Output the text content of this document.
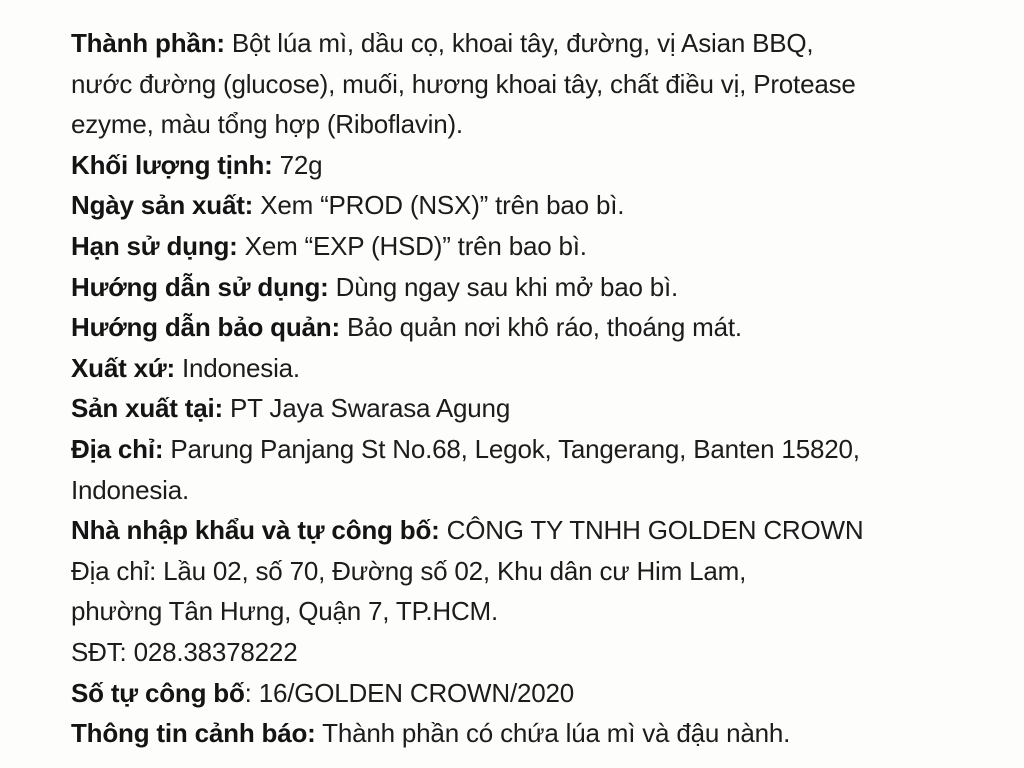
Thành phần: Bột lúa mì, dầu cọ, khoai tây, đường, vị Asian BBQ,
nước đường (glucose), muối, hương khoai tây, chất điều vị, Protease
ezyme, màu tổng hợp (Riboflavin).
Khối lượng tịnh: 72g
Ngày sản xuất: Xem “PROD (NSX)” trên bao bì.
Hạn sử dụng: Xem “EXP (HSD)” trên bao bì.
Hướng dẫn sử dụng: Dùng ngay sau khi mở bao bì.
Hướng dẫn bảo quản: Bảo quản nơi khô ráo, thoáng mát.
Xuất xứ: Indonesia.
Sản xuất tại: PT Jaya Swarasa Agung
Địa chỉ: Parung Panjang St No.68, Legok, Tangerang, Banten 15820,
Indonesia.
Nhà nhập khẩu và tự công bố: CÔNG TY TNHH GOLDEN CROWN
Địa chỉ: Lầu 02, số 70, Đường số 02, Khu dân cư Him Lam,
phường Tân Hưng, Quận 7, TP.HCM.
SĐT: 028.38378222
Số tự công bố: 16/GOLDEN CROWN/2020
Thông tin cảnh báo: Thành phần có chứa lúa mì và đậu nành.
